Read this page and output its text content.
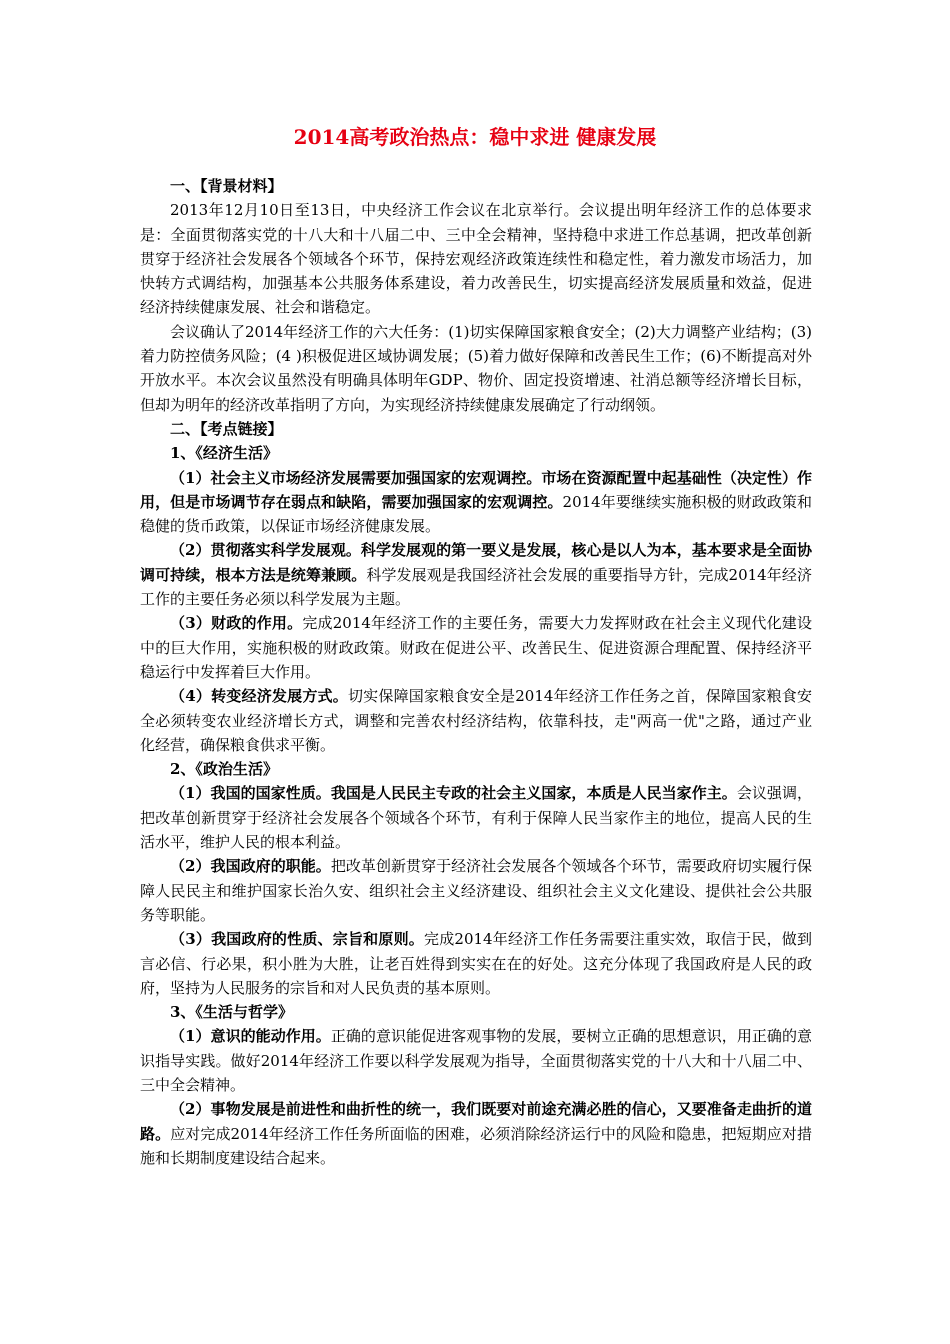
2014高考政治热点：稳中求进 健康发展

一、【背景材料】

2013年12月10日至13日，中央经济工作会议在北京举行。会议提出明年经济工作的总体要求是：全面贯彻落实党的十八大和十八届二中、三中全会精神，坚持稳中求进工作总基调，把改革创新贯穿于经济社会发展各个领域各个环节，保持宏观经济政策连续性和稳定性，着力激发市场活力，加快转方式调结构，加强基本公共服务体系建设，着力改善民生，切实提高经济发展质量和效益，促进经济持续健康发展、社会和谐稳定。

会议确认了2014年经济工作的六大任务：(1)切实保障国家粮食安全；(2)大力调整产业结构；(3)着力防控债务风险；(4 )积极促进区域协调发展；(5)着力做好保障和改善民生工作；(6)不断提高对外开放水平。本次会议虽然没有明确具体明年GDP、物价、固定投资增速、社消总额等经济增长目标，但却为明年的经济改革指明了方向，为实现经济持续健康发展确定了行动纲领。

二、【考点链接】

1、《经济生活》

（1）社会主义市场经济发展需要加强国家的宏观调控。市场在资源配置中起基础性（决定性）作用，但是市场调节存在弱点和缺陷，需要加强国家的宏观调控。2014年要继续实施积极的财政政策和稳健的货币政策，以保证市场经济健康发展。

（2）贯彻落实科学发展观。科学发展观的第一要义是发展，核心是以人为本，基本要求是全面协调可持续，根本方法是统筹兼顾。科学发展观是我国经济社会发展的重要指导方针，完成2014年经济工作的主要任务必须以科学发展为主题。

（3）财政的作用。完成2014年经济工作的主要任务，需要大力发挥财政在社会主义现代化建设中的巨大作用，实施积极的财政政策。财政在促进公平、改善民生、促进资源合理配置、保持经济平稳运行中发挥着巨大作用。

（4）转变经济发展方式。切实保障国家粮食安全是2014年经济工作任务之首，保障国家粮食安全必须转变农业经济增长方式，调整和完善农村经济结构，依靠科技，走"两高一优"之路，通过产业化经营，确保粮食供求平衡。

2、《政治生活》

（1）我国的国家性质。我国是人民民主专政的社会主义国家，本质是人民当家作主。会议强调，把改革创新贯穿于经济社会发展各个领域各个环节，有利于保障人民当家作主的地位，提高人民的生活水平，维护人民的根本利益。

（2）我国政府的职能。把改革创新贯穿于经济社会发展各个领域各个环节，需要政府切实履行保障人民民主和维护国家长治久安、组织社会主义经济建设、组织社会主义文化建设、提供社会公共服务等职能。

（3）我国政府的性质、宗旨和原则。完成2014年经济工作任务需要注重实效，取信于民，做到言必信、行必果，积小胜为大胜，让老百姓得到实实在在的好处。这充分体现了我国政府是人民的政府，坚持为人民服务的宗旨和对人民负责的基本原则。

3、《生活与哲学》

（1）意识的能动作用。正确的意识能促进客观事物的发展，要树立正确的思想意识，用正确的意识指导实践。做好2014年经济工作要以科学发展观为指导，全面贯彻落实党的十八大和十八届二中、三中全会精神。

（2）事物发展是前进性和曲折性的统一，我们既要对前途充满必胜的信心，又要准备走曲折的道路。应对完成2014年经济工作任务所面临的困难，必须消除经济运行中的风险和隐患，把短期应对措施和长期制度建设结合起来。
